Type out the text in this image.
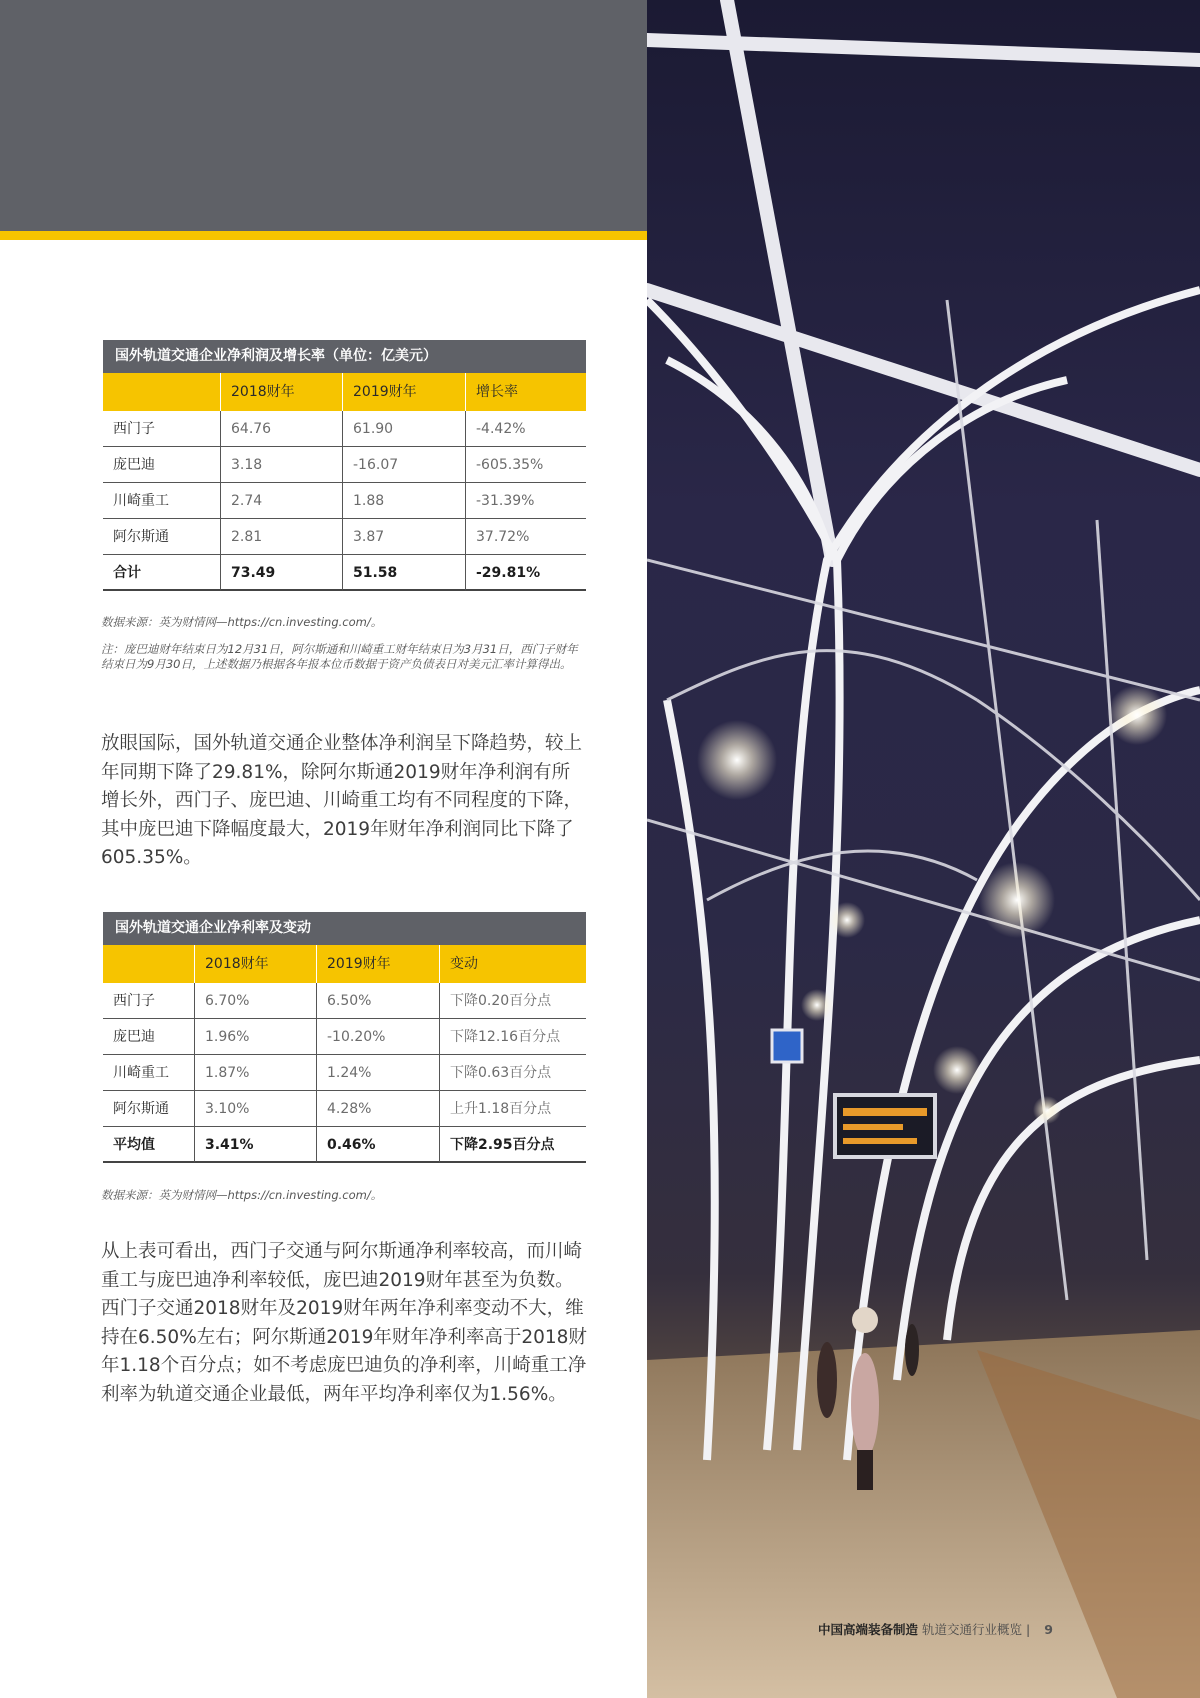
国外轨道交通企业净利润及增长率（单位：亿美元）
2018财年	2019财年	增长率
西门子	64.76	61.90	-4.42%
庞巴迪	3.18	-16.07	-605.35%
川崎重工	2.74	1.88	-31.39%
阿尔斯通	2.81	3.87	37.72%
合计	73.49	51.58	-29.81%
数据来源：英为财情网—https://cn.investing.com/。
注：庞巴迪财年结束日为12月31日，阿尔斯通和川崎重工财年结束日为3月31日，西门子财年结束日为9月30日，上述数据乃根据各年报本位币数据于资产负债表日对美元汇率计算得出。
放眼国际，国外轨道交通企业整体净利润呈下降趋势，较上年同期下降了29.81%，除阿尔斯通2019财年净利润有所增长外，西门子、庞巴迪、川崎重工均有不同程度的下降，其中庞巴迪下降幅度最大，2019年财年净利润同比下降了605.35%。
国外轨道交通企业净利率及变动
2018财年	2019财年	变动
西门子	6.70%	6.50%	下降0.20百分点
庞巴迪	1.96%	-10.20%	下降12.16百分点
川崎重工	1.87%	1.24%	下降0.63百分点
阿尔斯通	3.10%	4.28%	上升1.18百分点
平均值	3.41%	0.46%	下降2.95百分点
数据来源：英为财情网—https://cn.investing.com/。
从上表可看出，西门子交通与阿尔斯通净利率较高，而川崎重工与庞巴迪净利率较低，庞巴迪2019财年甚至为负数。西门子交通2018财年及2019财年两年净利率变动不大，维持在6.50%左右；阿尔斯通2019年财年净利率高于2018财年1.18个百分点；如不考虑庞巴迪负的净利率，川崎重工净利率为轨道交通企业最低，两年平均净利率仅为1.56%。
中国高端装备制造 轨道交通行业概览 | 9
